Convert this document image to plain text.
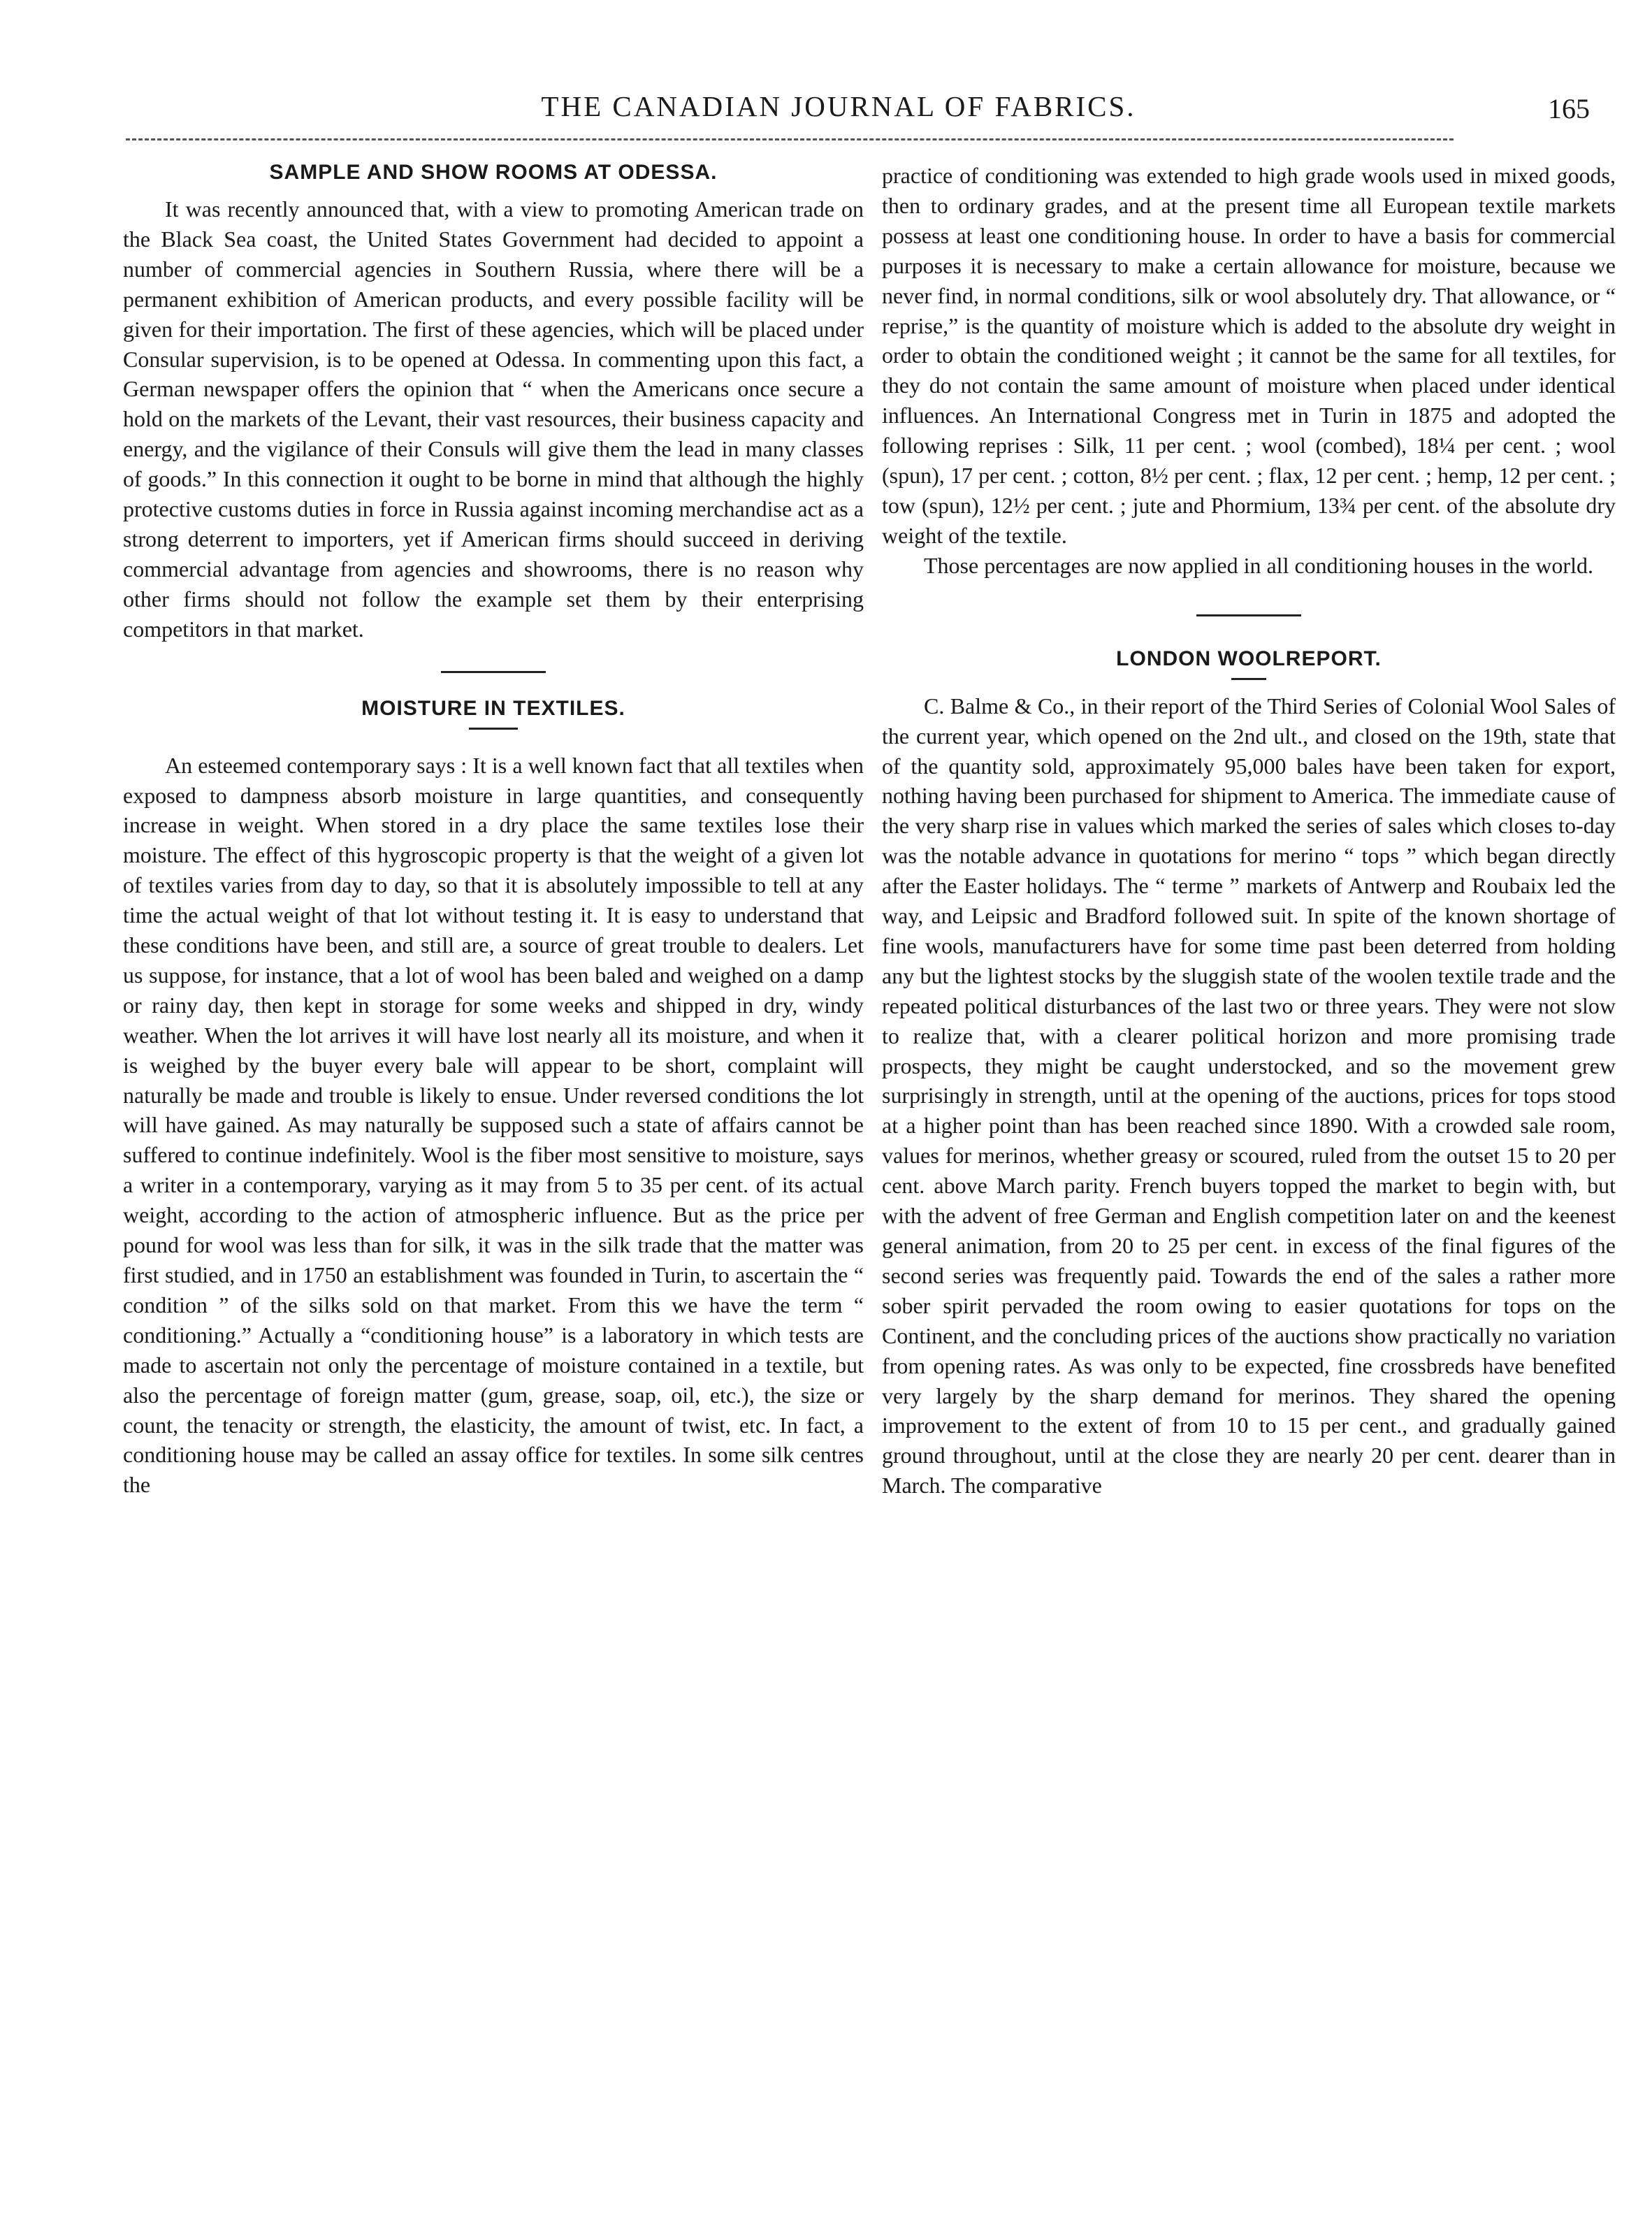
THE CANADIAN JOURNAL OF FABRICS.	165
SAMPLE AND SHOW ROOMS AT ODESSA.

It was recently announced that, with a view to promoting American trade on the Black Sea coast, the United States Government had decided to appoint a number of commercial agencies in Southern Russia, where there will be a permanent exhibition of American products, and every possible facility will be given for their importation. The first of these agencies, which will be placed under Consular supervision, is to be opened at Odessa. In commenting upon this fact, a German newspaper offers the opinion that “ when the Americans once secure a hold on the markets of the Levant, their vast resources, their business capacity and energy, and the vigilance of their Consuls will give them the lead in many classes of goods.” In this connection it ought to be borne in mind that although the highly protective customs duties in force in Russia against incoming merchandise act as a strong deterrent to importers, yet if American firms should succeed in deriving commercial advantage from agencies and showrooms, there is no reason why other firms should not follow the example set them by their enterprising competitors in that market.

MOISTURE IN TEXTILES.

An esteemed contemporary says : It is a well known fact that all textiles when exposed to dampness absorb moisture in large quantities, and consequently increase in weight. When stored in a dry place the same textiles lose their moisture. The effect of this hygroscopic property is that the weight of a given lot of textiles varies from day to day, so that it is absolutely impossible to tell at any time the actual weight of that lot without testing it. It is easy to understand that these conditions have been, and still are, a source of great trouble to dealers. Let us suppose, for instance, that a lot of wool has been baled and weighed on a damp or rainy day, then kept in storage for some weeks and shipped in dry, windy weather. When the lot arrives it will have lost nearly all its moisture, and when it is weighed by the buyer every bale will appear to be short, complaint will naturally be made and trouble is likely to ensue. Under reversed conditions the lot will have gained. As may naturally be supposed such a state of affairs cannot be suffered to continue indefinitely. Wool is the fiber most sensitive to moisture, says a writer in a contemporary, varying as it may from 5 to 35 per cent. of its actual weight, according to the action of atmospheric influence. But as the price per pound for wool was less than for silk, it was in the silk trade that the matter was first studied, and in 1750 an establishment was founded in Turin, to ascertain the “ condition ” of the silks sold on that market. From this we have the term “ conditioning.” Actually a “conditioning house” is a laboratory in which tests are made to ascertain not only the percentage of moisture contained in a textile, but also the percentage of foreign matter (gum, grease, soap, oil, etc.), the size or count, the tenacity or strength, the elasticity, the amount of twist, etc. In fact, a conditioning house may be called an assay office for textiles. In some silk centres the

practice of conditioning was extended to high grade wools used in mixed goods, then to ordinary grades, and at the present time all European textile markets possess at least one conditioning house. In order to have a basis for commercial purposes it is necessary to make a certain allowance for moisture, because we never find, in normal conditions, silk or wool absolutely dry. That allowance, or “ reprise,” is the quantity of moisture which is added to the absolute dry weight in order to obtain the conditioned weight ; it cannot be the same for all textiles, for they do not contain the same amount of moisture when placed under identical influences. An International Congress met in Turin in 1875 and adopted the following reprises : Silk, 11 per cent. ; wool (combed), 18¼ per cent. ; wool (spun), 17 per cent. ; cotton, 8½ per cent. ; flax, 12 per cent. ; hemp, 12 per cent. ; tow (spun), 12½ per cent. ; jute and Phormium, 13¾ per cent. of the absolute dry weight of the textile.

Those percentages are now applied in all conditioning houses in the world.

LONDON WOOLREPORT.

C. Balme & Co., in their report of the Third Series of Colonial Wool Sales of the current year, which opened on the 2nd ult., and closed on the 19th, state that of the quantity sold, approximately 95,000 bales have been taken for export, nothing having been purchased for shipment to America. The immediate cause of the very sharp rise in values which marked the series of sales which closes to-day was the notable advance in quotations for merino “ tops ” which began directly after the Easter holidays. The “ terme ” markets of Antwerp and Roubaix led the way, and Leipsic and Bradford followed suit. In spite of the known shortage of fine wools, manufacturers have for some time past been deterred from holding any but the lightest stocks by the sluggish state of the woolen textile trade and the repeated political disturbances of the last two or three years. They were not slow to realize that, with a clearer political horizon and more promising trade prospects, they might be caught understocked, and so the movement grew surprisingly in strength, until at the opening of the auctions, prices for tops stood at a higher point than has been reached since 1890. With a crowded sale room, values for merinos, whether greasy or scoured, ruled from the outset 15 to 20 per cent. above March parity. French buyers topped the market to begin with, but with the advent of free German and English competition later on and the keenest general animation, from 20 to 25 per cent. in excess of the final figures of the second series was frequently paid. Towards the end of the sales a rather more sober spirit pervaded the room owing to easier quotations for tops on the Continent, and the concluding prices of the auctions show practically no variation from opening rates. As was only to be expected, fine crossbreds have benefited very largely by the sharp demand for merinos. They shared the opening improvement to the extent of from 10 to 15 per cent., and gradually gained ground throughout, until at the close they are nearly 20 per cent. dearer than in March. The comparative
